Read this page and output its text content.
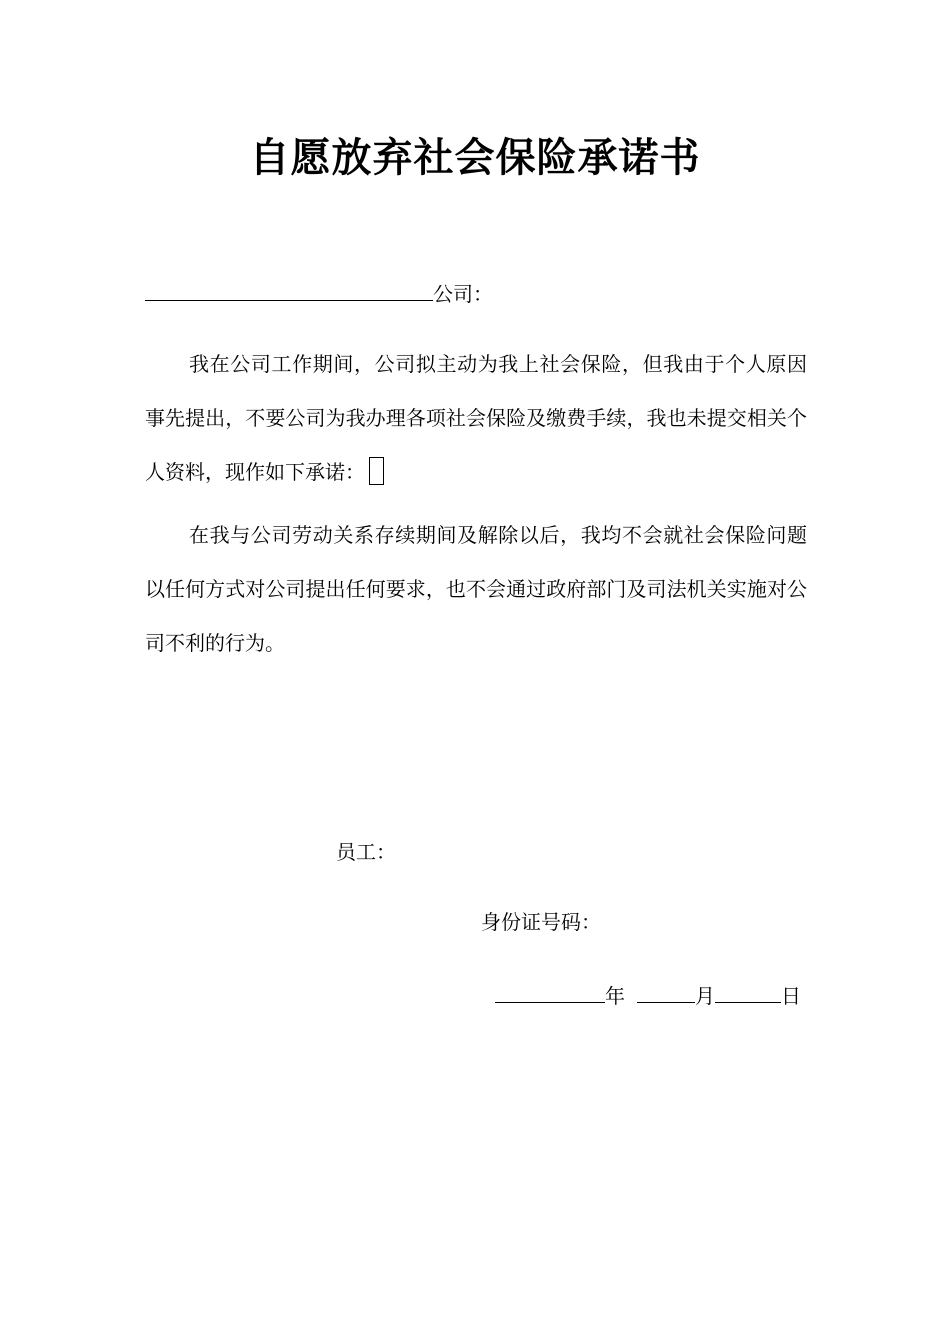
自愿放弃社会保险承诺书
公司：
我在公司工作期间，公司拟主动为我上社会保险，但我由于个人原因事先提出，不要公司为我办理各项社会保险及缴费手续，我也未提交相关个人资料，现作如下承诺：
在我与公司劳动关系存续期间及解除以后，我均不会就社会保险问题以任何方式对公司提出任何要求，也不会通过政府部门及司法机关实施对公司不利的行为。
员工：
身份证号码：
年	月	日
